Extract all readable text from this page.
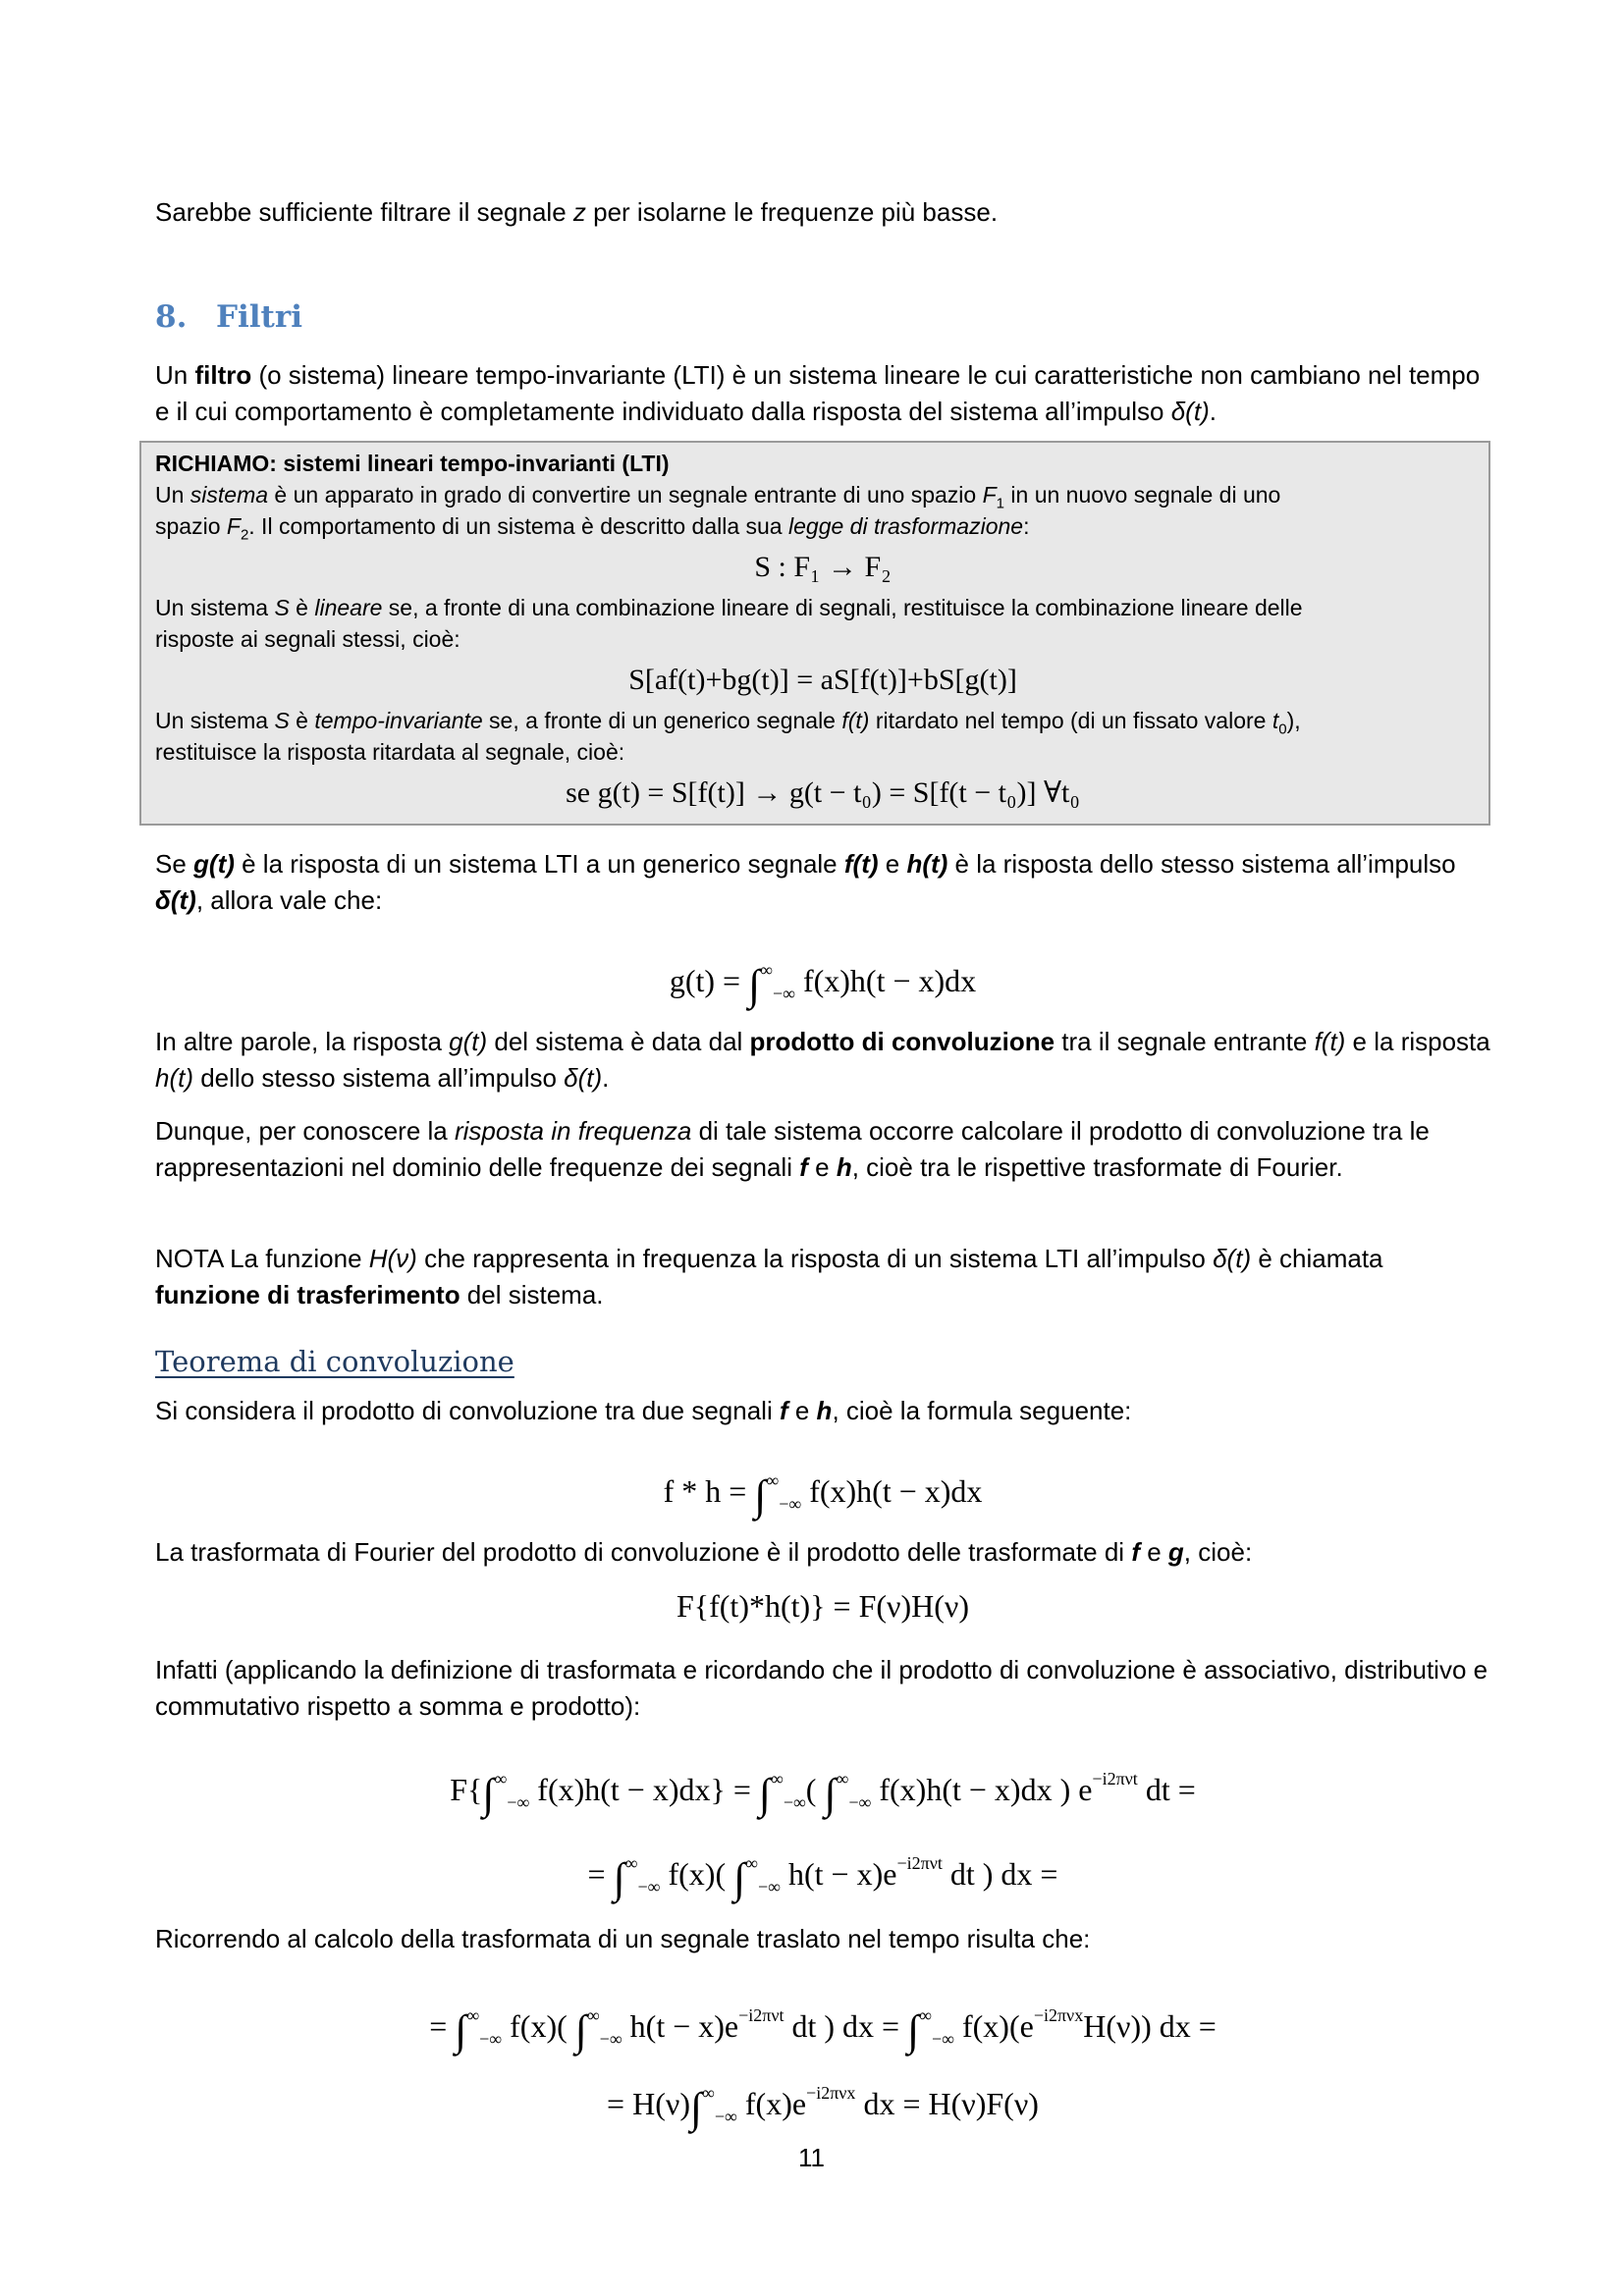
Sarebbe sufficiente filtrare il segnale z per isolarne le frequenze più basse.

8. Filtri

Un filtro (o sistema) lineare tempo-invariante (LTI) è un sistema lineare le cui caratteristiche non cambiano nel tempo e il cui comportamento è completamente individuato dalla risposta del sistema all’impulso δ(t).

RICHIAMO: sistemi lineari tempo-invarianti (LTI)

Un sistema è un apparato in grado di convertire un segnale entrante di uno spazio $F_1$ in un nuovo segnale di uno

spazio $F_2$. Il comportamento di un sistema è descritto dalla sua legge di trasformazione:

S : F₁ → F₂

Un sistema S è lineare se, a fronte di una combinazione lineare di segnali, restituisce la combinazione lineare delle

risposte ai segnali stessi, cioè:

S[af(t)+bg(t)] = aS[f(t)]+bS[g(t)]

Un sistema S è tempo-invariante se, a fronte di un generico segnale f(t) ritardato nel tempo (di un fissato valore $t_0$),

restituisce la risposta ritardata al segnale, cioè:

se g(t) = S[f(t)] → g(t − t₀) = S[f(t − t₀)] ∀t₀

Se g(t) è la risposta di un sistema LTI a un generico segnale f(t) e h(t) è la risposta dello stesso sistema all’impulso δ(t), allora vale che:

$g(t) = \int^\infty_{-\infty}$ f(x)h(t − x)dx

In altre parole, la risposta g(t) del sistema è data dal prodotto di convoluzione tra il segnale entrante f(t) e la risposta h(t) dello stesso sistema all’impulso δ(t).

Dunque, per conoscere la risposta in frequenza di tale sistema occorre calcolare il prodotto di convoluzione tra le rappresentazioni nel dominio delle frequenze dei segnali f e h, cioè tra le rispettive trasformate di Fourier.

NOTA La funzione H(ν) che rappresenta in frequenza la risposta di un sistema LTI all’impulso δ(t) è chiamata funzione di trasferimento del sistema.

Teorema di convoluzione

Si considera il prodotto di convoluzione tra due segnali f e h, cioè la formula seguente:

$f * h = \int^\infty_{-\infty}$ f(x)h(t − x)dx

La trasformata di Fourier del prodotto di convoluzione è il prodotto delle trasformate di f e g, cioè:

F{f(t)*h(t)} = F(ν)H(ν)

Infatti (applicando la definizione di trasformata e ricordando che il prodotto di convoluzione è associativo, distributivo e commutativo rispetto a somma e prodotto):

$F\{\int^\infty_{-\infty}$ $f(x)h(t - x)dx\} = \int^\infty_{-\infty}$( $\int^\infty_{-\infty}$ f(x)h(t − x)dx ) $e^{-i2\pi\nu t}$ dt =
= $\int^\infty_{-\infty}$ f(x)( $\int^\infty_{-\infty}$ $h(t - x)e^{-i2\pi\nu t}$ dt ) dx =

Ricorrendo al calcolo della trasformata di un segnale traslato nel tempo risulta che:

= $\int^\infty_{-\infty}$ f(x)( $\int^\infty_{-\infty}$ $h(t - x)e^{-i2\pi\nu t}$ dt ) dx = $\int^\infty_{-\infty}$ $f(x)(e^{-i2\pi\nu x}H(\nu))$ dx =
= $H(\nu)\int^\infty_{-\infty}$ $f(x)e^{-i2\pi\nu x}$ dx = H(ν)F(ν)
11
